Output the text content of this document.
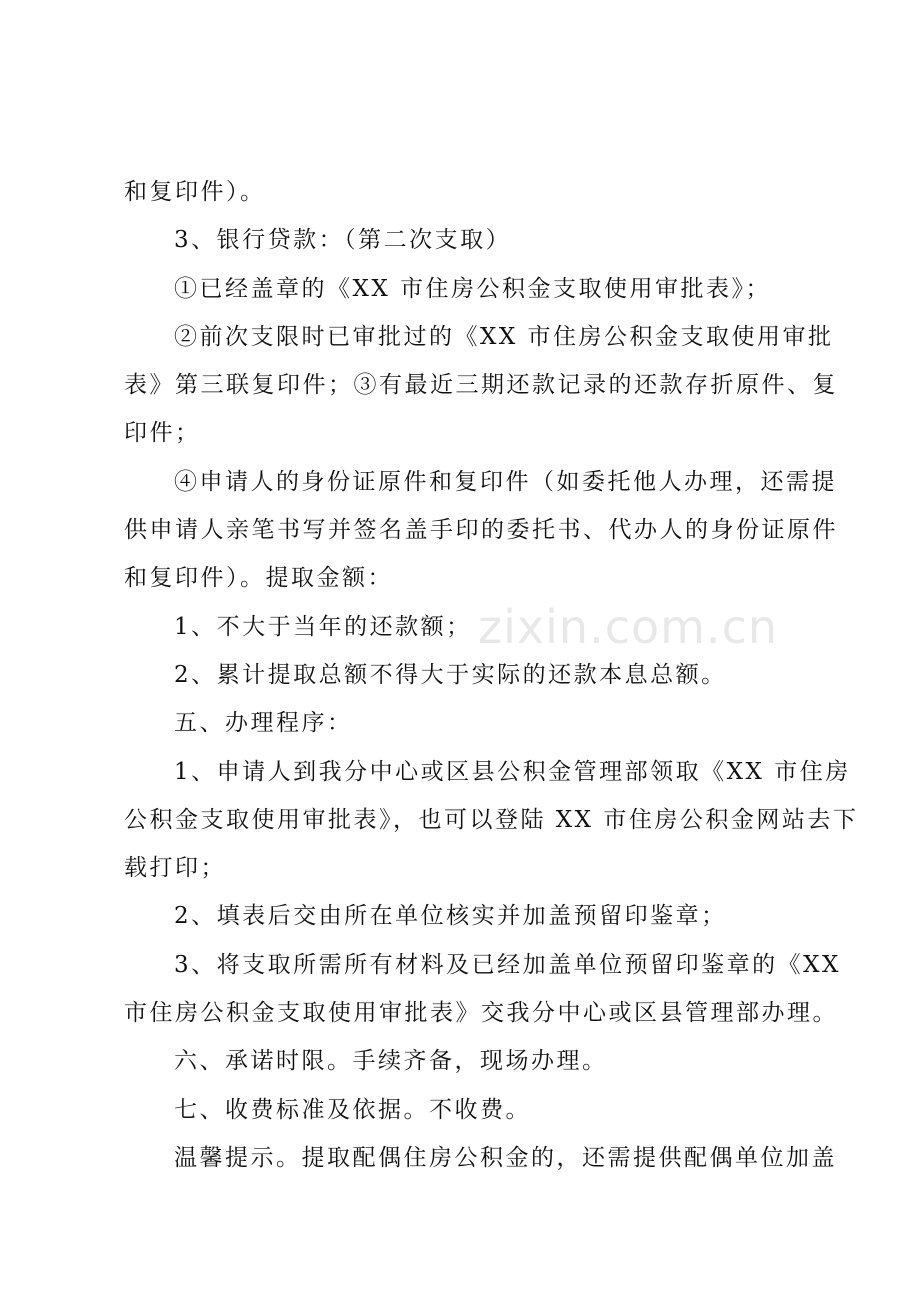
和复印件）。
3、银行贷款：（第二次支取）
①已经盖章的《XX 市住房公积金支取使用审批表》；
②前次支限时已审批过的《XX 市住房公积金支取使用审批
表》第三联复印件；③有最近三期还款记录的还款存折原件、复
印件；
④申请人的身份证原件和复印件（如委托他人办理，还需提
供申请人亲笔书写并签名盖手印的委托书、代办人的身份证原件
和复印件）。提取金额：
1、不大于当年的还款额；
2、累计提取总额不得大于实际的还款本息总额。
五、办理程序：
1、申请人到我分中心或区县公积金管理部领取《XX 市住房
公积金支取使用审批表》，也可以登陆 XX 市住房公积金网站去下
载打印；
2、填表后交由所在单位核实并加盖预留印鉴章；
3、将支取所需所有材料及已经加盖单位预留印鉴章的《XX
市住房公积金支取使用审批表》交我分中心或区县管理部办理。
六、承诺时限。手续齐备，现场办理。
七、收费标准及依据。不收费。
温馨提示。提取配偶住房公积金的，还需提供配偶单位加盖
zixin.com.cn
